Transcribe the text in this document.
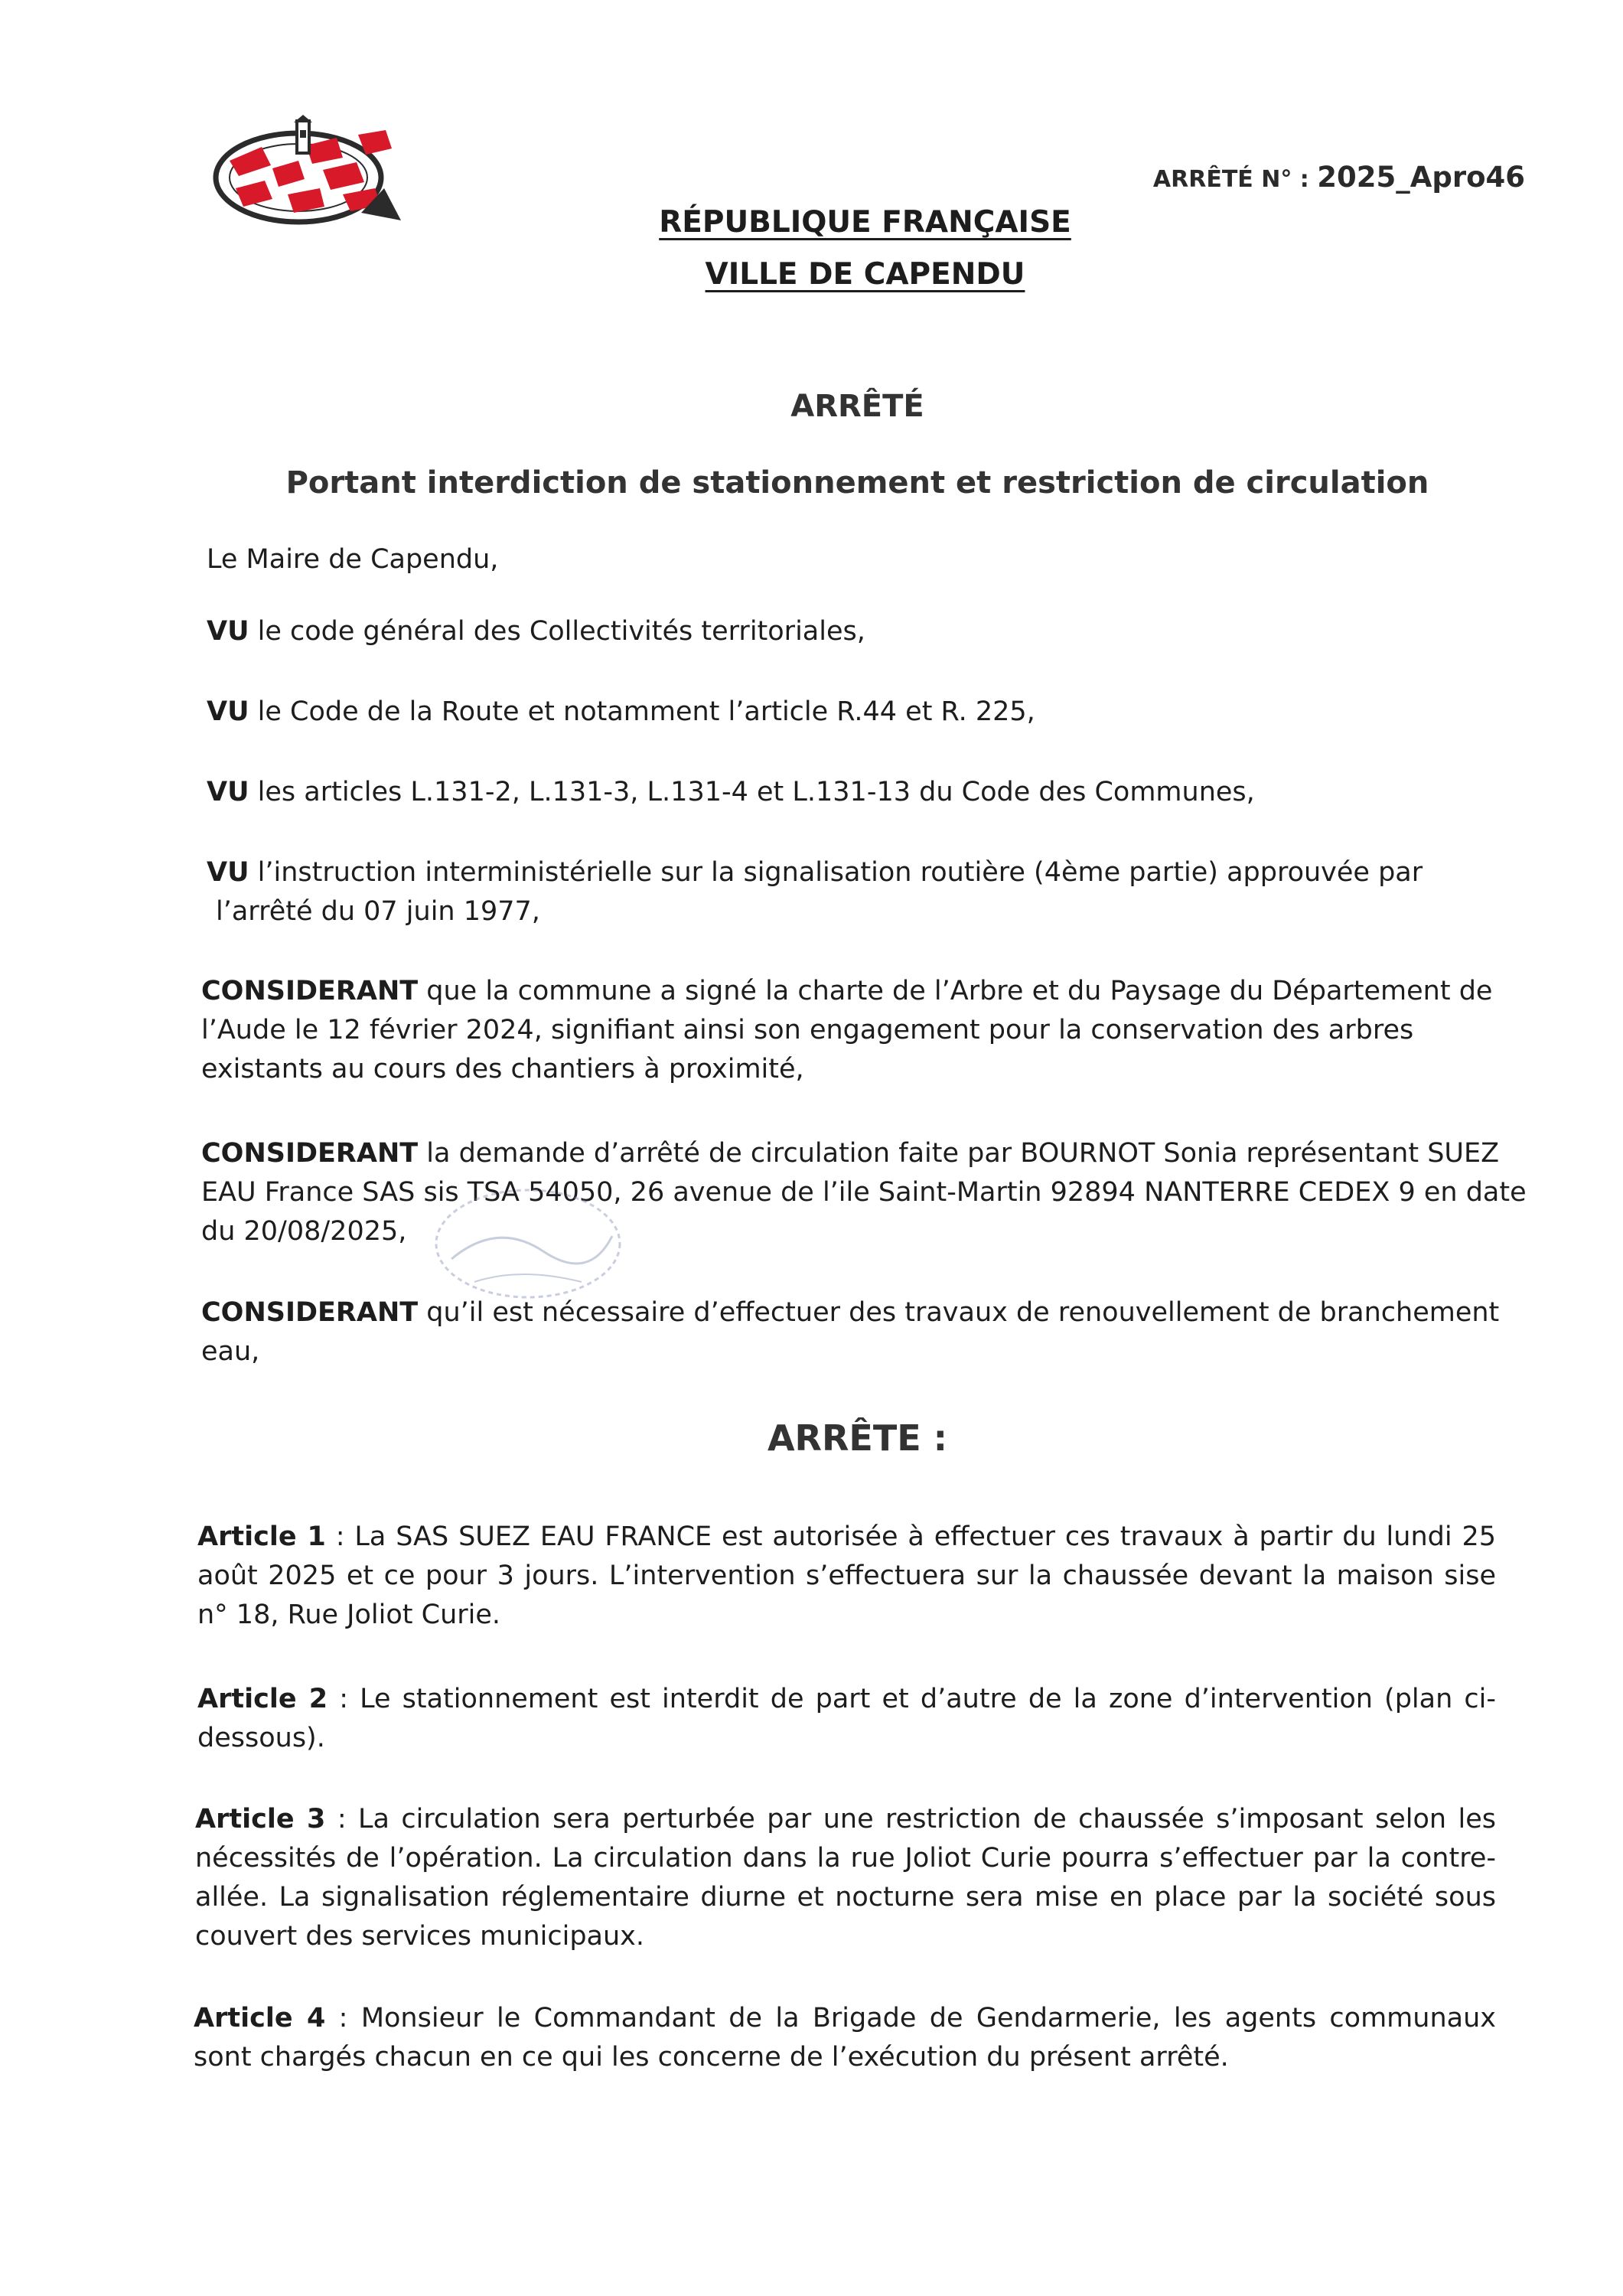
ARRÊTÉ N° : 2025_Apro46
RÉPUBLIQUE FRANÇAISE
VILLE DE CAPENDU
ARRÊTÉ
Portant interdiction de stationnement et restriction de circulation
Le Maire de Capendu,
VU le code général des Collectivités territoriales,
VU le Code de la Route et notamment l’article R.44 et R. 225,
VU les articles L.131-2, L.131-3, L.131-4 et L.131-13 du Code des Communes,
VU l’instruction interministérielle sur la signalisation routière (4ème partie) approuvée par
l’arrêté du 07 juin 1977,
CONSIDERANT que la commune a signé la charte de l’Arbre et du Paysage du Département de
l’Aude le 12 février 2024, signifiant ainsi son engagement pour la conservation des arbres
existants au cours des chantiers à proximité,
CONSIDERANT la demande d’arrêté de circulation faite par BOURNOT Sonia représentant SUEZ
EAU France SAS sis TSA 54050, 26 avenue de l’ile Saint-Martin 92894 NANTERRE CEDEX 9 en date
du 20/08/2025,
CONSIDERANT qu’il est nécessaire d’effectuer des travaux de renouvellement de branchement
eau,
ARRÊTE :
Article 1 : La SAS SUEZ EAU FRANCE est autorisée à effectuer ces travaux à partir du lundi 25 août 2025 et ce pour 3 jours. L’intervention s’effectuera sur la chaussée devant la maison sise n° 18, Rue Joliot Curie.
Article 2 : Le stationnement est interdit de part et d’autre de la zone d’intervention (plan ci-dessous).
Article 3 : La circulation sera perturbée par une restriction de chaussée s’imposant selon les nécessités de l’opération. La circulation dans la rue Joliot Curie pourra s’effectuer par la contre-allée. La signalisation réglementaire diurne et nocturne sera mise en place par la société sous couvert des services municipaux.
Article 4 : Monsieur le Commandant de la Brigade de Gendarmerie, les agents communaux sont chargés chacun en ce qui les concerne de l’exécution du présent arrêté.
